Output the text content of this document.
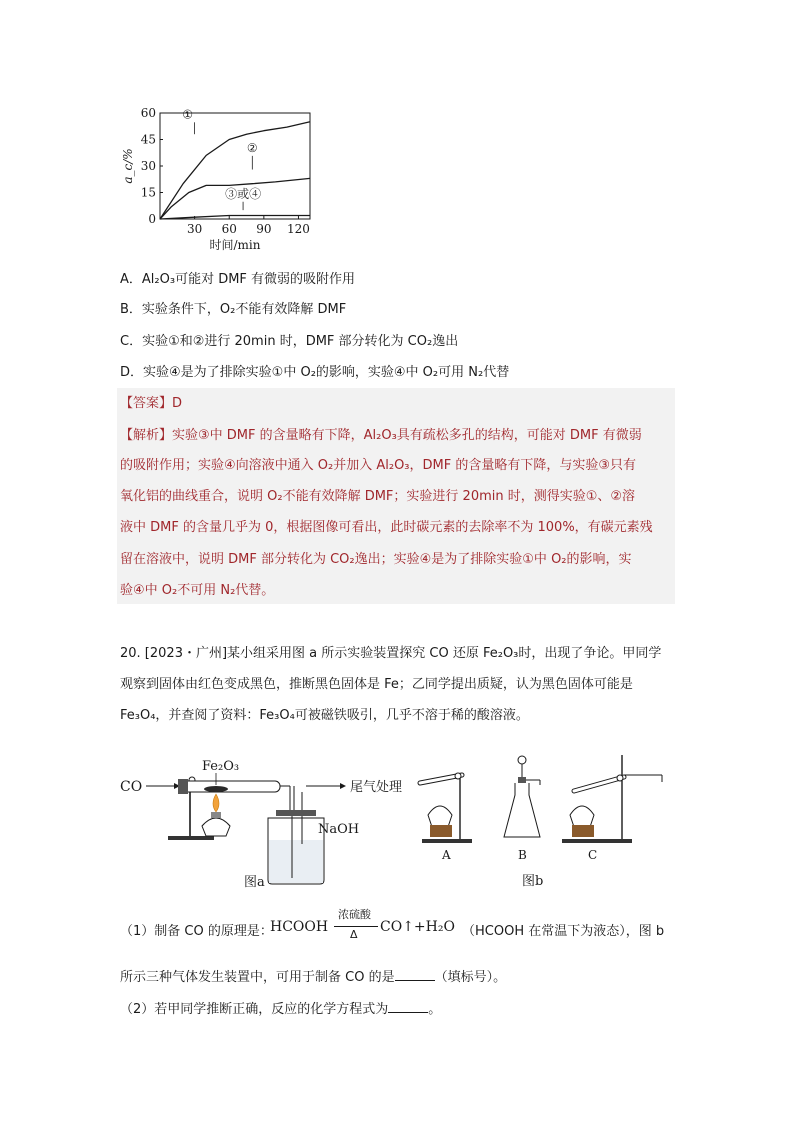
30 60 90 120
0
15
30
45
60
时间/min
a_c/%
①
②
③或④
A．Al₂O₃可能对 DMF 有微弱的吸附作用
B．实验条件下，O₂不能有效降解 DMF
C．实验①和②进行 20min 时，DMF 部分转化为 CO₂逸出
D．实验④是为了排除实验①中 O₂的影响，实验④中 O₂可用 N₂代替
【答案】D
【解析】实验③中 DMF 的含量略有下降，Al₂O₃具有疏松多孔的结构，可能对 DMF 有微弱
的吸附作用；实验④向溶液中通入 O₂并加入 Al₂O₃，DMF 的含量略有下降，与实验③只有
氧化铝的曲线重合，说明 O₂不能有效降解 DMF；实验进行 20min 时，测得实验①、②溶
液中 DMF 的含量几乎为 0，根据图像可看出，此时碳元素的去除率不为 100%，有碳元素残
留在溶液中，说明 DMF 部分转化为 CO₂逸出；实验④是为了排除实验①中 O₂的影响，实
验④中 O₂不可用 N₂代替。
20. [2023・广州]某小组采用图 a 所示实验装置探究 CO 还原 Fe₂O₃时，出现了争论。甲同学
观察到固体由红色变成黑色，推断黑色固体是 Fe；乙同学提出质疑，认为黑色固体可能是
Fe₃O₄，并查阅了资料：Fe₃O₄可被磁铁吸引，几乎不溶于稀的酸溶液。
CO
Fe₂O₃
尾气处理
NaOH
图a
A	B	C
图b
（1）制备 CO 的原理是：
HCOOH
浓硫酸
Δ CO↑+H₂O （HCOOH 在常温下为液态），图 b
所示三种气体发生装置中，可用于制备 CO 的是	（填标号）。
（2）若甲同学推断正确，反应的化学方程式为	。
